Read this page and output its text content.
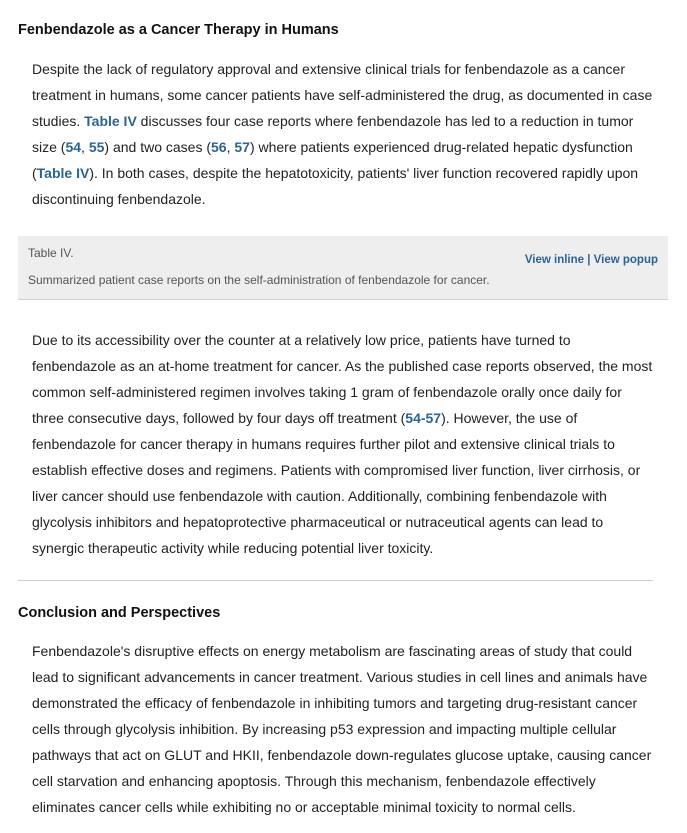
Fenbendazole as a Cancer Therapy in Humans

Despite the lack of regulatory approval and extensive clinical trials for fenbendazole as a cancer treatment in humans, some cancer patients have self-administered the drug, as documented in case studies. Table IV discusses four case reports where fenbendazole has led to a reduction in tumor size (54, 55) and two cases (56, 57) where patients experienced drug-related hepatic dysfunction (Table IV). In both cases, despite the hepatotoxicity, patients' liver function recovered rapidly upon discontinuing fenbendazole.

Table IV.
Summarized patient case reports on the self-administration of fenbendazole for cancer.
View inline | View popup

Due to its accessibility over the counter at a relatively low price, patients have turned to fenbendazole as an at-home treatment for cancer. As the published case reports observed, the most common self-administered regimen involves taking 1 gram of fenbendazole orally once daily for three consecutive days, followed by four days off treatment (54-57). However, the use of fenbendazole for cancer therapy in humans requires further pilot and extensive clinical trials to establish effective doses and regimens. Patients with compromised liver function, liver cirrhosis, or liver cancer should use fenbendazole with caution. Additionally, combining fenbendazole with glycolysis inhibitors and hepatoprotective pharmaceutical or nutraceutical agents can lead to synergic therapeutic activity while reducing potential liver toxicity.

Conclusion and Perspectives

Fenbendazole's disruptive effects on energy metabolism are fascinating areas of study that could lead to significant advancements in cancer treatment. Various studies in cell lines and animals have demonstrated the efficacy of fenbendazole in inhibiting tumors and targeting drug-resistant cancer cells through glycolysis inhibition. By increasing p53 expression and impacting multiple cellular pathways that act on GLUT and HKII, fenbendazole down-regulates glucose uptake, causing cancer cell starvation and enhancing apoptosis. Through this mechanism, fenbendazole effectively eliminates cancer cells while exhibiting no or acceptable minimal toxicity to normal cells.
